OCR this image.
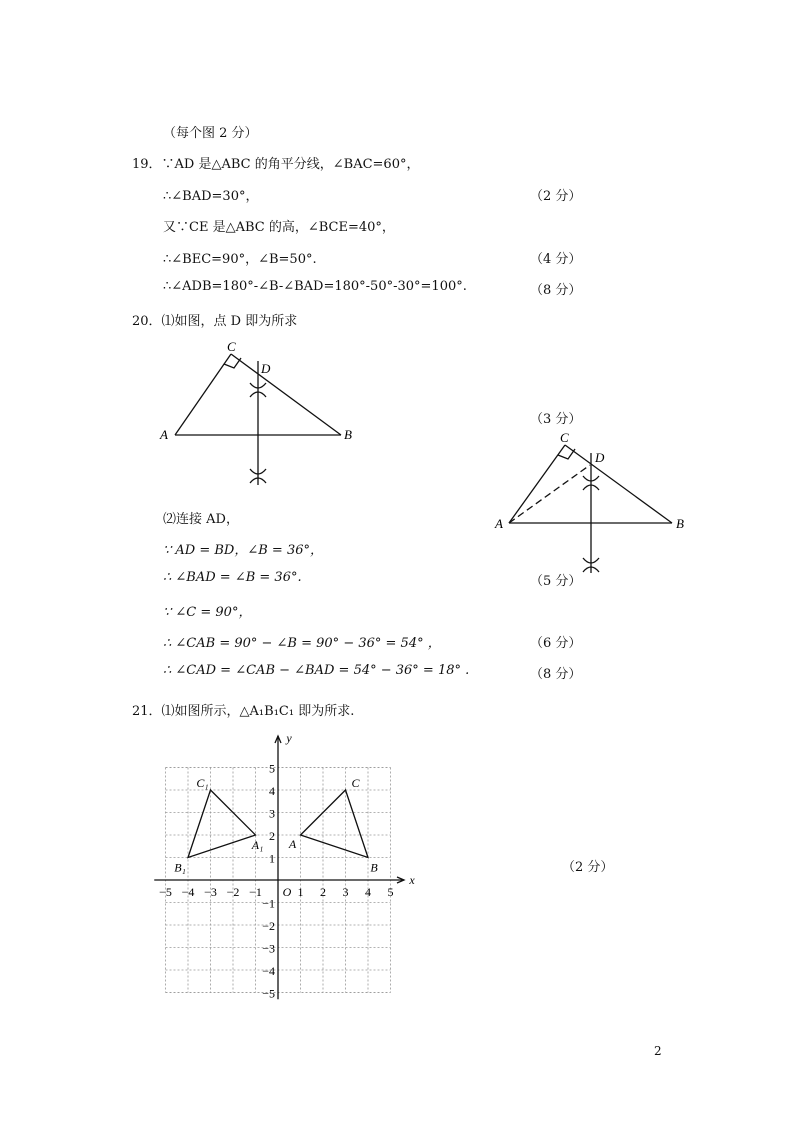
（每个图 2 分）
19．∵AD 是△ABC 的角平分线，∠BAC=60°，
∴∠BAD=30°，	（2 分）
又∵CE 是△ABC 的高，∠BCE=40°，
∴∠BEC=90°，∠B=50°.	（4 分）
∴∠ADB=180°-∠B-∠BAD=180°-50°-30°=100°.	（8 分）
20．⑴如图，点 D 即为所求
A	B
C
D
（3 分）
A	B
C
D
⑵连接 AD，
∵ AD = BD，∠B = 36°，
∴ ∠BAD = ∠B = 36°.	（5 分）
∵ ∠C = 90°，
∴ ∠CAB = 90° − ∠B = 90° − 36° = 54° ，	（6 分）
∴ ∠CAD = ∠CAB − ∠BAD = 54° − 36° = 18° .	（8 分）
21．⑴如图所示，△A₁B₁C₁ 即为所求.
−5 −4 −3 −2 −1	1 2 3 4 5
5
4
3
2
1
−1
−2
−3
−4
−5
O
x
y
A
B
C
A₁
B₁
C₁
（2 分）
2
